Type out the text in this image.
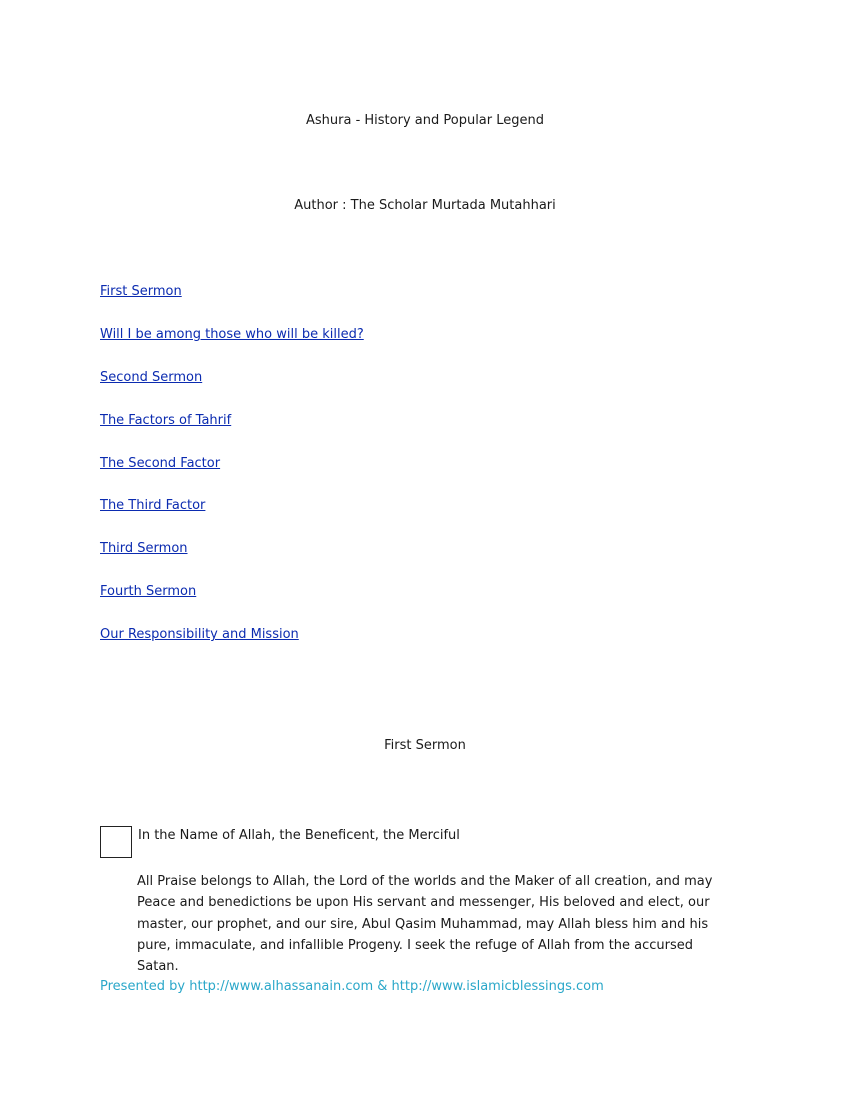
Ashura - History and Popular Legend
Author : The Scholar Murtada Mutahhari
First Sermon
Will I be among those who will be killed?
Second Sermon
The Factors of Tahrif
The Second Factor
The Third Factor
Third Sermon
Fourth Sermon
Our Responsibility and Mission
First Sermon
In the Name of Allah, the Beneficent, the Merciful

All Praise belongs to Allah, the Lord of the worlds and the Maker of all creation, and may Peace and benedictions be upon His servant and messenger, His beloved and elect, our master, our prophet, and our sire, Abul Qasim Muhammad, may Allah bless him and his pure, immaculate, and infallible Progeny. I seek the refuge of Allah from the accursed Satan.

Presented by http://www.alhassanain.com & http://www.islamicblessings.com
